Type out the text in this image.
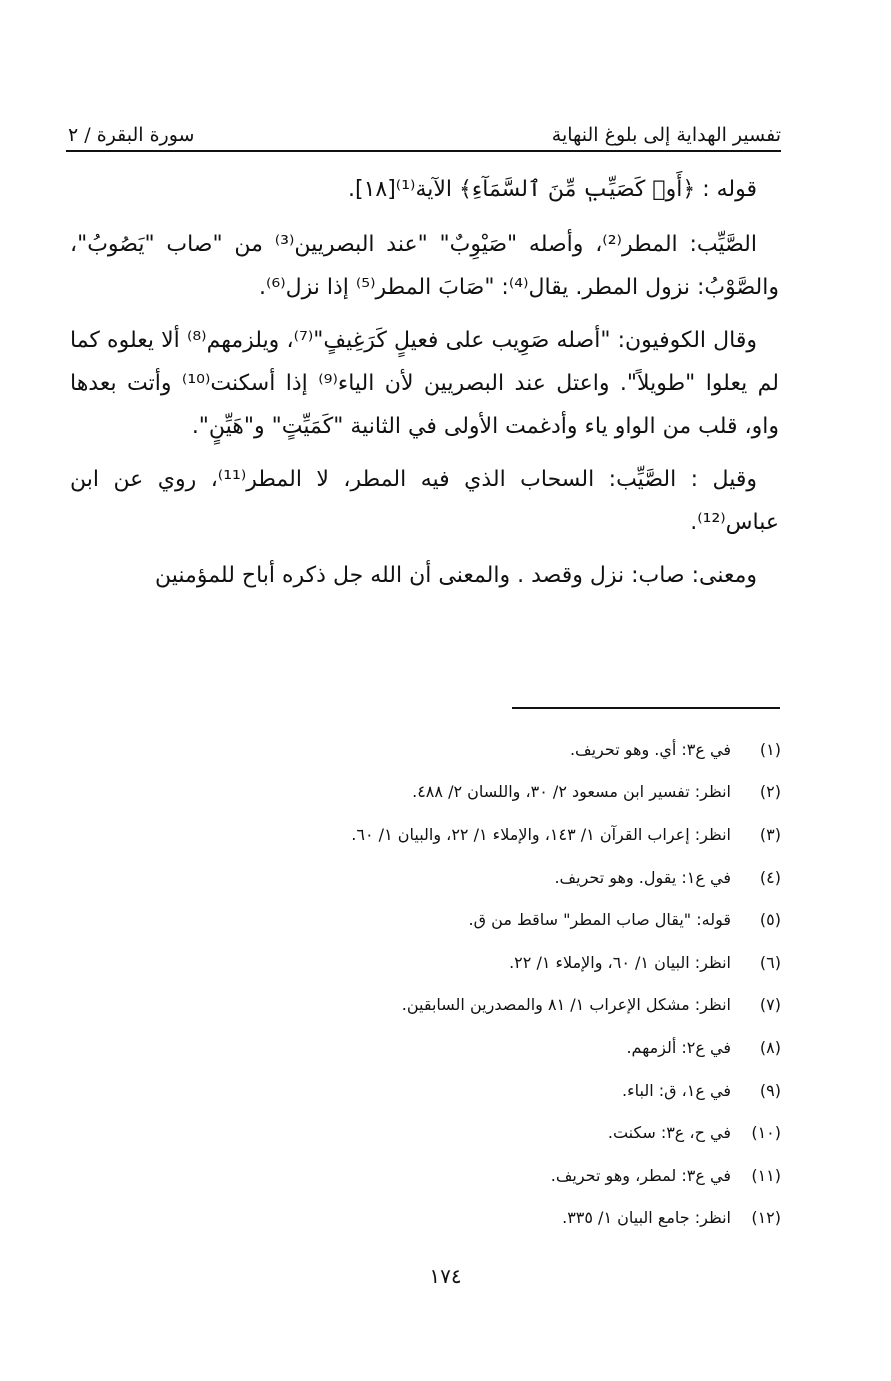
تفسير الهداية إلى بلوغ النهاية
سورة البقرة / ٢

قوله : ﴿أَوۡ كَصَيِّبٖ مِّنَ ٱلسَّمَآءِ﴾ الآية⁽¹⁾[١٨].

الصَّيِّب: المطر⁽²⁾، وأصله "صَيْوِبٌ" "عند البصريين⁽³⁾ من "صاب "يَصُوبُ"، والصَّوْبُ: نزول المطر. يقال⁽⁴⁾: "صَابَ المطر⁽⁵⁾ إذا نزل⁽⁶⁾.

وقال الكوفيون: "أصله صَوِيب على فعيلٍ كَرَغِيفٍ"⁽⁷⁾، ويلزمهم⁽⁸⁾ ألا يعلوه كما لم يعلوا "طويلاً". واعتل عند البصريين لأن الياء⁽⁹⁾ إذا أسكنت⁽¹⁰⁾ وأتت بعدها واو، قلب من الواو ياء وأدغمت الأولى في الثانية "كَمَيِّتٍ" و"هَيِّنٍ".

وقيل : الصَّيِّب: السحاب الذي فيه المطر، لا المطر⁽¹¹⁾، روي عن ابن عباس⁽¹²⁾.

ومعنى: صاب: نزل وقصد . والمعنى أن الله جل ذكره أباح للمؤمنين

(١)
في ع٣: أي. وهو تحريف.
(٢)
انظر: تفسير ابن مسعود ٢/ ٣٠، واللسان ٢/ ٤٨٨.
(٣)
انظر: إعراب القرآن ١/ ١٤٣، والإملاء ١/ ٢٢، والبيان ١/ ٦٠.
(٤)
في ع١: يقول. وهو تحريف.
(٥)
قوله: "يقال صاب المطر" ساقط من ق.
(٦)
انظر: البيان ١/ ٦٠، والإملاء ١/ ٢٢.
(٧)
انظر: مشكل الإعراب ١/ ٨١ والمصدرين السابقين.
(٨)
في ع٢: ألزمهم.
(٩)
في ع١، ق: الباء.
(١٠)
في ح، ع٣: سكنت.
(١١)
في ع٣: لمطر، وهو تحريف.
(١٢)
انظر: جامع البيان ١/ ٣٣٥.
١٧٤
